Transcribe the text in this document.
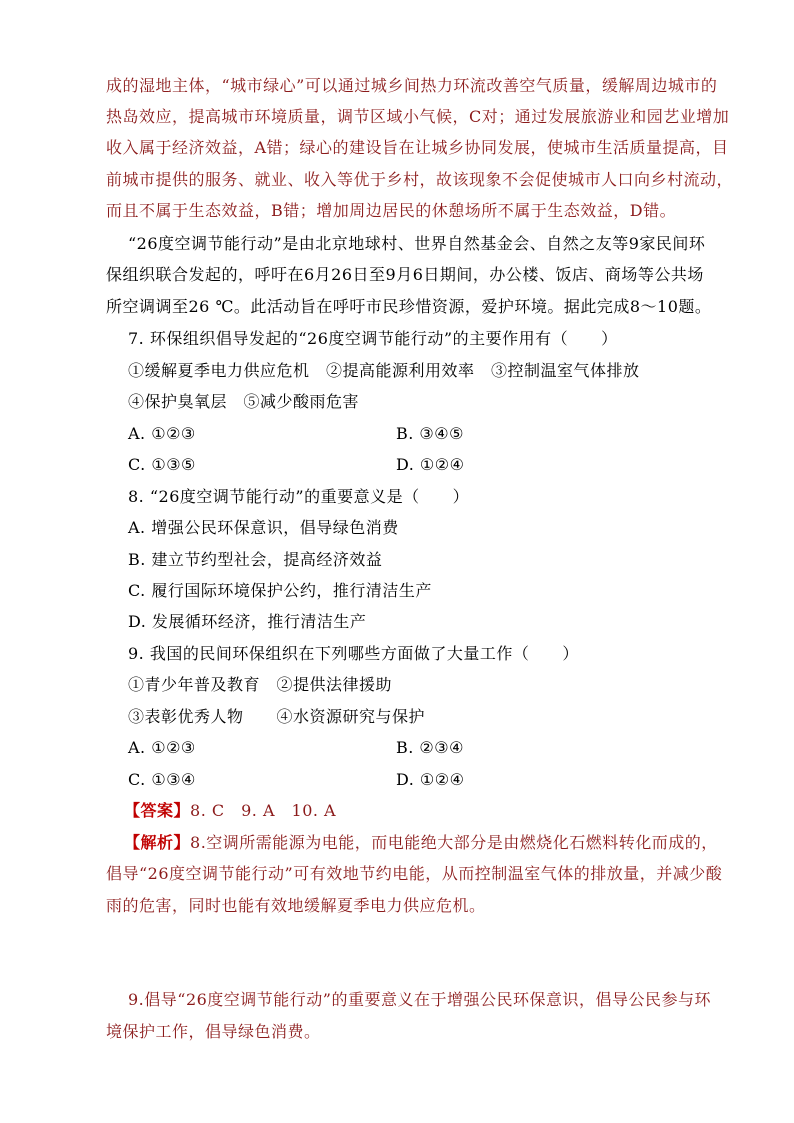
成的湿地主体，“城市绿心”可以通过城乡间热力环流改善空气质量，缓解周边城市的
热岛效应，提高城市环境质量，调节区域小气候，C对；通过发展旅游业和园艺业增加
收入属于经济效益，A错；绿心的建设旨在让城乡协同发展，使城市生活质量提高，目
前城市提供的服务、就业、收入等优于乡村，故该现象不会促使城市人口向乡村流动，
而且不属于生态效益，B错；增加周边居民的休憩场所不属于生态效益，D错。
“26度空调节能行动”是由北京地球村、世界自然基金会、自然之友等9家民间环
保组织联合发起的，呼吁在6月26日至9月6日期间，办公楼、饭店、商场等公共场
所空调调至26 ℃。此活动旨在呼吁市民珍惜资源，爱护环境。据此完成8～10题。
7. 环保组织倡导发起的“26度空调节能行动”的主要作用有（　　）
①缓解夏季电力供应危机　②提高能源利用效率　③控制温室气体排放
④保护臭氧层　⑤减少酸雨危害
A. ①②③	B. ③④⑤
C. ①③⑤	D. ①②④
8. “26度空调节能行动”的重要意义是（　　）
A. 增强公民环保意识，倡导绿色消费
B. 建立节约型社会，提高经济效益
C. 履行国际环境保护公约，推行清洁生产
D. 发展循环经济，推行清洁生产
9. 我国的民间环保组织在下列哪些方面做了大量工作（　　）
①青少年普及教育　②提供法律援助
③表彰优秀人物　　④水资源研究与保护
A. ①②③	B. ②③④
C. ①③④	D. ①②④
【答案】8. C　9. A　10. A
【解析】8.空调所需能源为电能，而电能绝大部分是由燃烧化石燃料转化而成的，
倡导“26度空调节能行动”可有效地节约电能，从而控制温室气体的排放量，并减少酸
雨的危害，同时也能有效地缓解夏季电力供应危机。
9.倡导“26度空调节能行动”的重要意义在于增强公民环保意识，倡导公民参与环
境保护工作，倡导绿色消费。
